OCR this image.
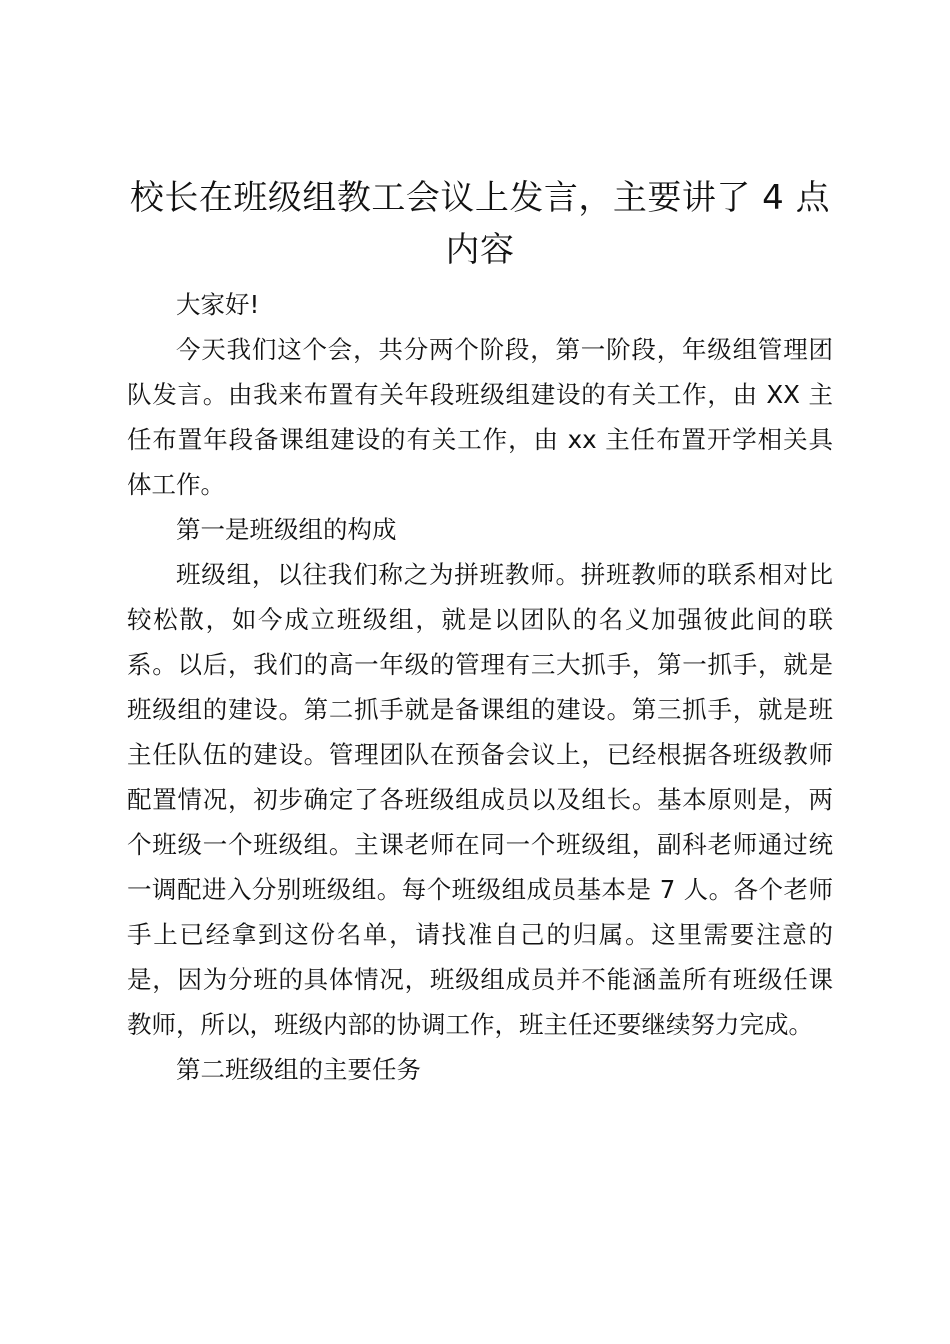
校长在班级组教工会议上发言，主要讲了 4 点内容

大家好!

今天我们这个会，共分两个阶段，第一阶段，年级组管理团队发言。由我来布置有关年段班级组建设的有关工作，由 XX 主任布置年段备课组建设的有关工作，由 xx 主任布置开学相关具体工作。

第一是班级组的构成

班级组，以往我们称之为拼班教师。拼班教师的联系相对比较松散，如今成立班级组，就是以团队的名义加强彼此间的联系。以后，我们的高一年级的管理有三大抓手，第一抓手，就是班级组的建设。第二抓手就是备课组的建设。第三抓手，就是班主任队伍的建设。管理团队在预备会议上，已经根据各班级教师配置情况，初步确定了各班级组成员以及组长。基本原则是，两个班级一个班级组。主课老师在同一个班级组，副科老师通过统一调配进入分别班级组。每个班级组成员基本是 7 人。各个老师手上已经拿到这份名单，请找准自己的归属。这里需要注意的是，因为分班的具体情况，班级组成员并不能涵盖所有班级任课教师，所以，班级内部的协调工作，班主任还要继续努力完成。

第二班级组的主要任务
